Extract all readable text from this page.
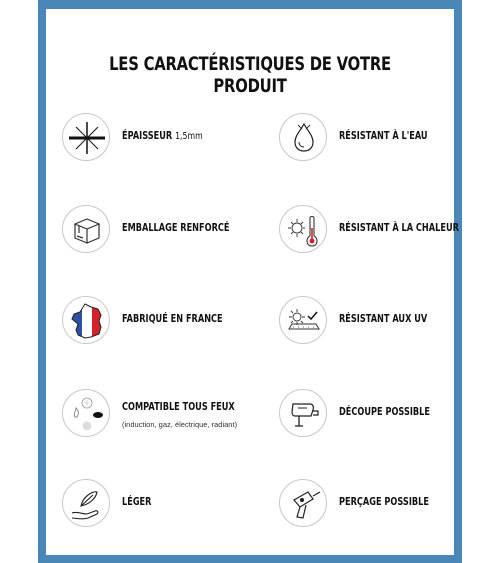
LES CARACTÉRISTIQUES DE VOTRE PRODUIT
ÉPAISSEUR 1,5mm
EMBALLAGE RENFORCÉ
FABRIQUÉ EN FRANCE
COMPATIBLE TOUS FEUX
(induction, gaz, électrique, radiant)
LÉGER
RÉSISTANT À L'EAU
RÉSISTANT À LA CHALEUR
RÉSISTANT AUX UV
DÉCOUPE POSSIBLE
PERÇAGE POSSIBLE
